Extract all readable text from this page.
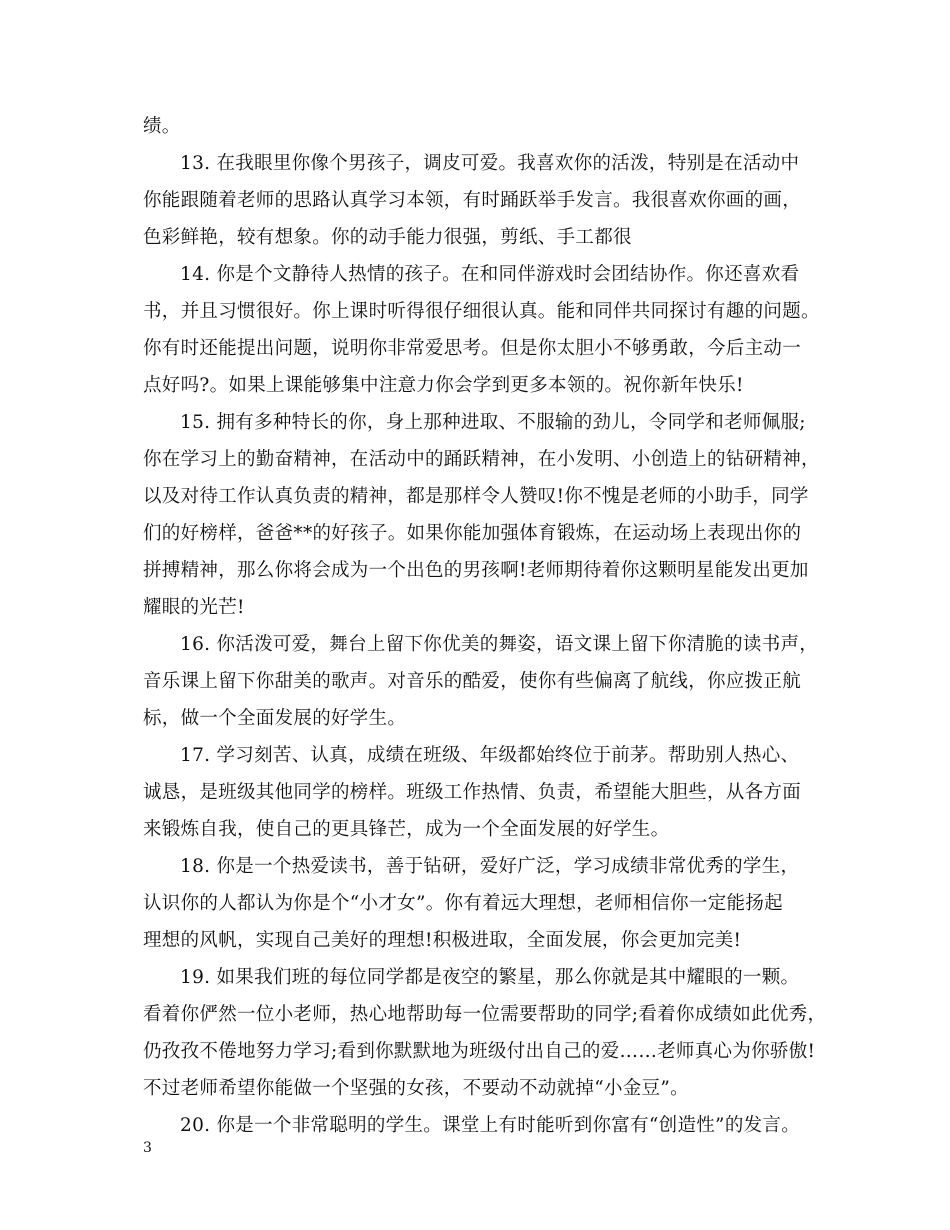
绩。
13. 在我眼里你像个男孩子，调皮可爱。我喜欢你的活泼，特别是在活动中
你能跟随着老师的思路认真学习本领，有时踊跃举手发言。我很喜欢你画的画，
色彩鲜艳，较有想象。你的动手能力很强，剪纸、手工都很
14. 你是个文静待人热情的孩子。在和同伴游戏时会团结协作。你还喜欢看
书，并且习惯很好。你上课时听得很仔细很认真。能和同伴共同探讨有趣的问题。
你有时还能提出问题，说明你非常爱思考。但是你太胆小不够勇敢，今后主动一
点好吗?。如果上课能够集中注意力你会学到更多本领的。祝你新年快乐!
15. 拥有多种特长的你，身上那种进取、不服输的劲儿，令同学和老师佩服;
你在学习上的勤奋精神，在活动中的踊跃精神，在小发明、小创造上的钻研精神，
以及对待工作认真负责的精神，都是那样令人赞叹!你不愧是老师的小助手，同学
们的好榜样，爸爸**的好孩子。如果你能加强体育锻炼，在运动场上表现出你的
拼搏精神，那么你将会成为一个出色的男孩啊!老师期待着你这颗明星能发出更加
耀眼的光芒!
16. 你活泼可爱，舞台上留下你优美的舞姿，语文课上留下你清脆的读书声，
音乐课上留下你甜美的歌声。对音乐的酷爱，使你有些偏离了航线，你应拨正航
标，做一个全面发展的好学生。
17. 学习刻苦、认真，成绩在班级、年级都始终位于前茅。帮助别人热心、
诚恳，是班级其他同学的榜样。班级工作热情、负责，希望能大胆些，从各方面
来锻炼自我，使自己的更具锋芒，成为一个全面发展的好学生。
18. 你是一个热爱读书，善于钻研，爱好广泛，学习成绩非常优秀的学生，
认识你的人都认为你是个“小才女”。你有着远大理想，老师相信你一定能扬起
理想的风帆，实现自己美好的理想!积极进取，全面发展，你会更加完美!
19. 如果我们班的每位同学都是夜空的繁星，那么你就是其中耀眼的一颗。
看着你俨然一位小老师，热心地帮助每一位需要帮助的同学;看着你成绩如此优秀，
仍孜孜不倦地努力学习;看到你默默地为班级付出自己的爱……老师真心为你骄傲!
不过老师希望你能做一个坚强的女孩，不要动不动就掉“小金豆”。
20. 你是一个非常聪明的学生。课堂上有时能听到你富有“创造性”的发言。
3
